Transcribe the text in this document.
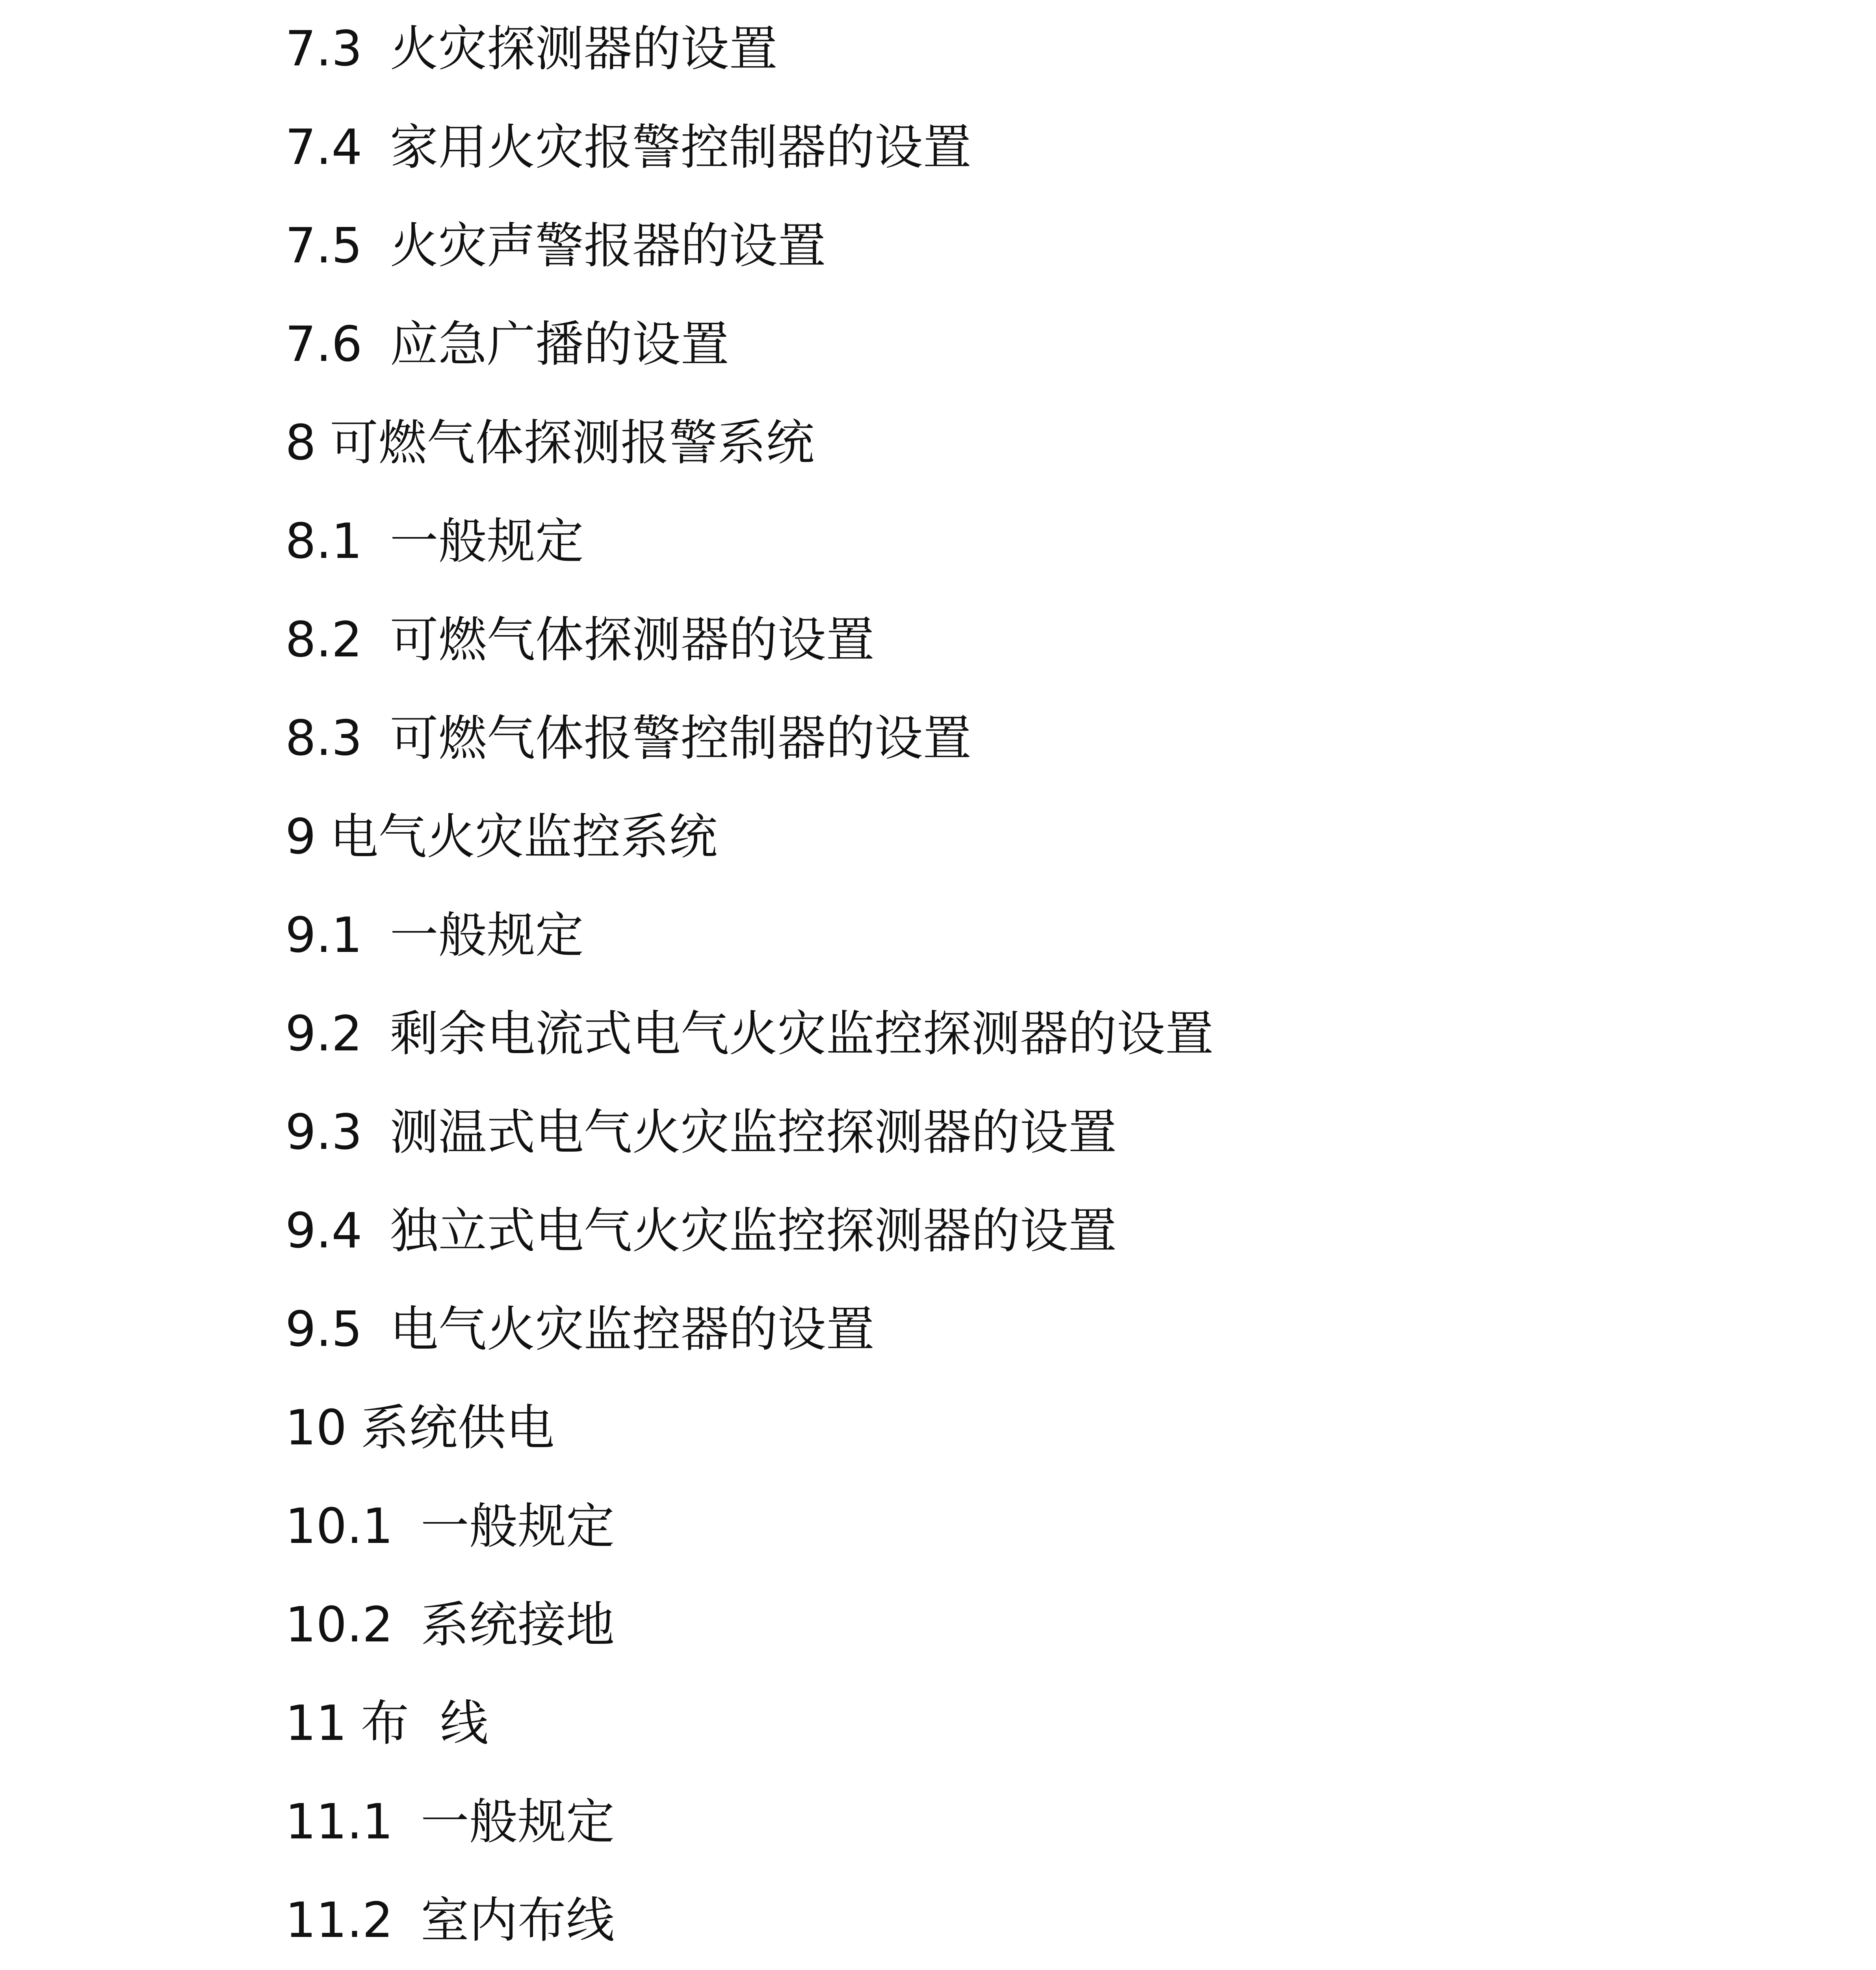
7.3 火灾探测器的设置
7.4 家用火灾报警控制器的设置
7.5 火灾声警报器的设置
7.6 应急广播的设置
8 可燃气体探测报警系统
8.1 一般规定
8.2 可燃气体探测器的设置
8.3 可燃气体报警控制器的设置
9 电气火灾监控系统
9.1 一般规定
9.2 剩余电流式电气火灾监控探测器的设置
9.3 测温式电气火灾监控探测器的设置
9.4 独立式电气火灾监控探测器的设置
9.5 电气火灾监控器的设置
10 系统供电
10.1 一般规定
10.2 系统接地
11 布  线
11.1 一般规定
11.2 室内布线
